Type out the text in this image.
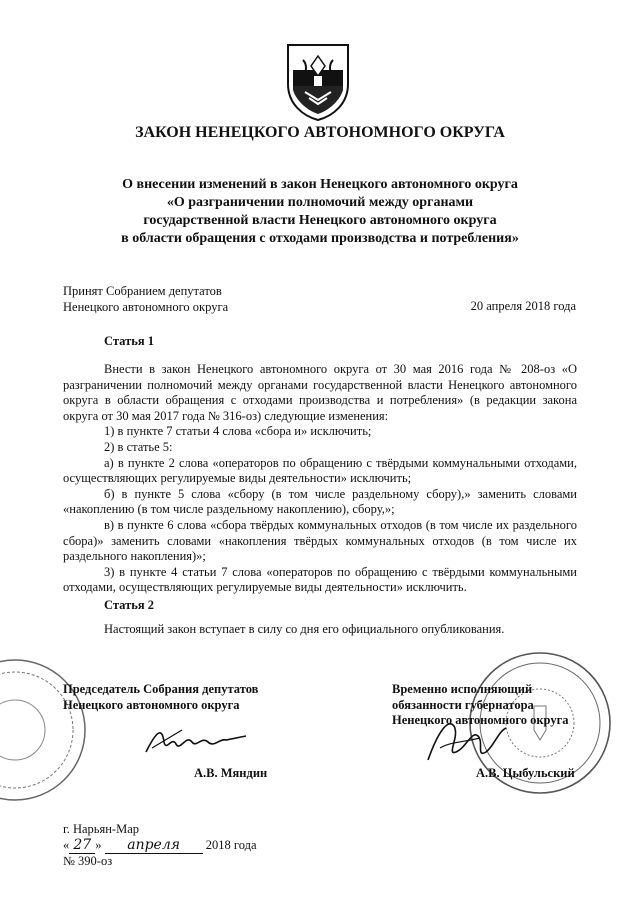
ЗАКОН НЕНЕЦКОГО АВТОНОМНОГО ОКРУГА
О внесении изменений в закон Ненецкого автономного округа
«О разграничении полномочий между органами
государственной власти Ненецкого автономного округа
в области обращения с отходами производства и потребления»
Принят Собранием депутатов
Ненецкого автономного округа	20 апреля 2018 года
Статья 1

Внести в закон Ненецкого автономного округа от 30 мая 2016 года № 208-оз «О разграничении полномочий между органами государственной власти Ненецкого автономного округа в области обращения с отходами производства и потребления» (в редакции закона округа от 30 мая 2017 года № 316-оз) следующие изменения:

1) в пункте 7 статьи 4 слова «сбора и» исключить;

2) в статье 5:

а) в пункте 2 слова «операторов по обращению с твёрдыми коммунальными отходами, осуществляющих регулируемые виды деятельности» исключить;

б) в пункте 5 слова «сбору (в том числе раздельному сбору),» заменить словами «накоплению (в том числе раздельному накоплению), сбору,»;

в) в пункте 6 слова «сбора твёрдых коммунальных отходов (в том числе их раздельного сбора)» заменить словами «накопления твёрдых коммунальных отходов (в том числе их раздельного накопления)»;

3) в пункте 4 статьи 7 слова «операторов по обращению с твёрдыми коммунальными отходами, осуществляющих регулируемые виды деятельности» исключить.

Статья 2

Настоящий закон вступает в силу со дня его официального опубликования.

Председатель Собрания депутатов
Ненецкого автономного округа
А.В. Мяндин
Временно исполняющий
обязанности губернатора
Ненецкого автономного округа
А.В. Цыбульский
г. Нарьян-Мар
« 27 » апреля 2018 года
№ 390-оз
